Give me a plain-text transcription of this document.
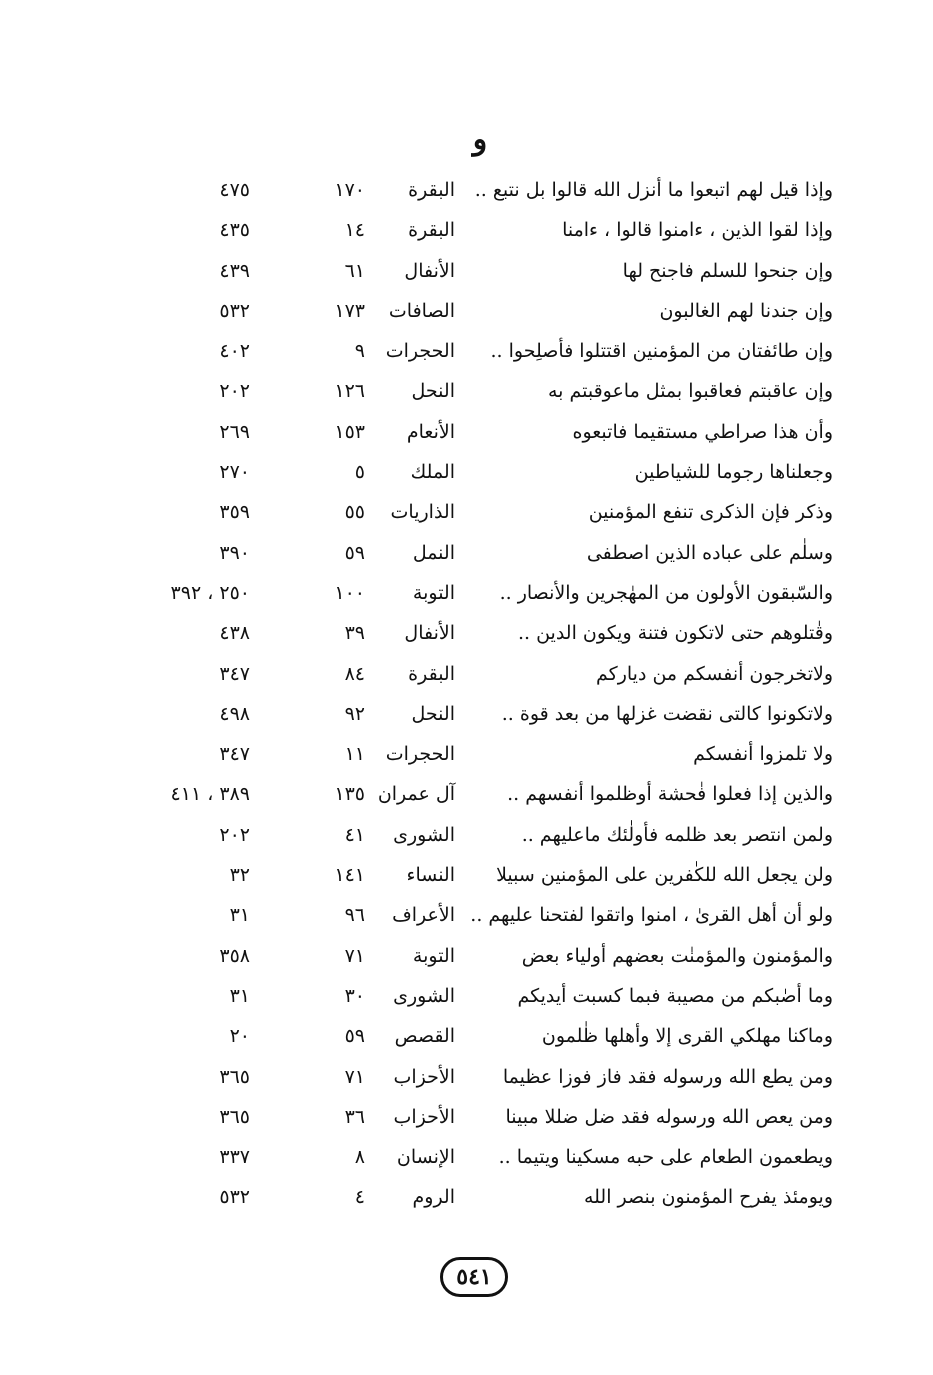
و
وإذا قيل لهم اتبعوا ما أنزل الله قالوا بل نتبع ..
البقرة
١٧٠
٤٧٥
وإذا لقوا الذين ، ءامنوا قالوا ، ءامنا
البقرة
١٤
٤٣٥
وإن جنحوا للسلم فاجنح لها
الأنفال
٦١
٤٣٩
وإن جندنا لهم الغالبون
الصافات
١٧٣
٥٣٢
وإن طائفتان من المؤمنين اقتتلوا فأصلِحوا ..
الحجرات
٩
٤٠٢
وإن عاقبتم فعاقبوا بمثل ماعوقبتم به
النحل
١٢٦
٢٠٢
وأن هذا صراطي مستقيما فاتبعوه
الأنعام
١٥٣
٢٦٩
وجعلناها رجوما للشياطين
الملك
٥
٢٧٠
وذكر فإن الذكرى تنفع المؤمنين
الذاريات
٥٥
٣٥٩
وسلٰم على عباده الذين اصطفى
النمل
٥٩
٣٩٠
والسّبقون الأولون من المهٰجرين والأنصار ..
التوبة
١٠٠
٢٥٠ ، ٣٩٢
وقٰتلوهم حتى لاتكون فتنة ويكون الدين ..
الأنفال
٣٩
٤٣٨
ولاتخرجون أنفسكم من دياركم
البقرة
٨٤
٣٤٧
ولاتكونوا كالتى نقضت غزلها من بعد قوة ..
النحل
٩٢
٤٩٨
ولا تلمزوا أنفسكم
الحجرات
١١
٣٤٧
والذين إذا فعلوا فٰحشة أوظلموا أنفسهم ..
آل عمران
١٣٥
٣٨٩ ، ٤١١
ولمن انتصر بعد ظلمه فأولٰئك ماعليهم ..
الشورى
٤١
٢٠٢
ولن يجعل الله للكٰفرين على المؤمنين سبيلا
النساء
١٤١
٣٢
ولو أن أهل القرىٰ ، امنوا واتقوا لفتحنا عليهم ..
الأعراف
٩٦
٣١
والمؤمنون والمؤمنٰت بعضهم أولياء بعض
التوبة
٧١
٣٥٨
وما أصٰبكم من مصيبة فبما كسبت أيديكم
الشورى
٣٠
٣١
وماكنا مهلكي القرى إلا وأهلها ظٰلمون
القصص
٥٩
٢٠
ومن يطع الله ورسوله فقد فاز فوزا عظيما
الأحزاب
٧١
٣٦٥
ومن يعص الله ورسوله فقد ضل ضللا مبينا
الأحزاب
٣٦
٣٦٥
ويطعمون الطعام على حبه مسكينا ويتيما ..
الإنسان
٨
٣٣٧
ويومئذ يفرح المؤمنون بنصر الله
الروم
٤
٥٣٢
٥٤١
